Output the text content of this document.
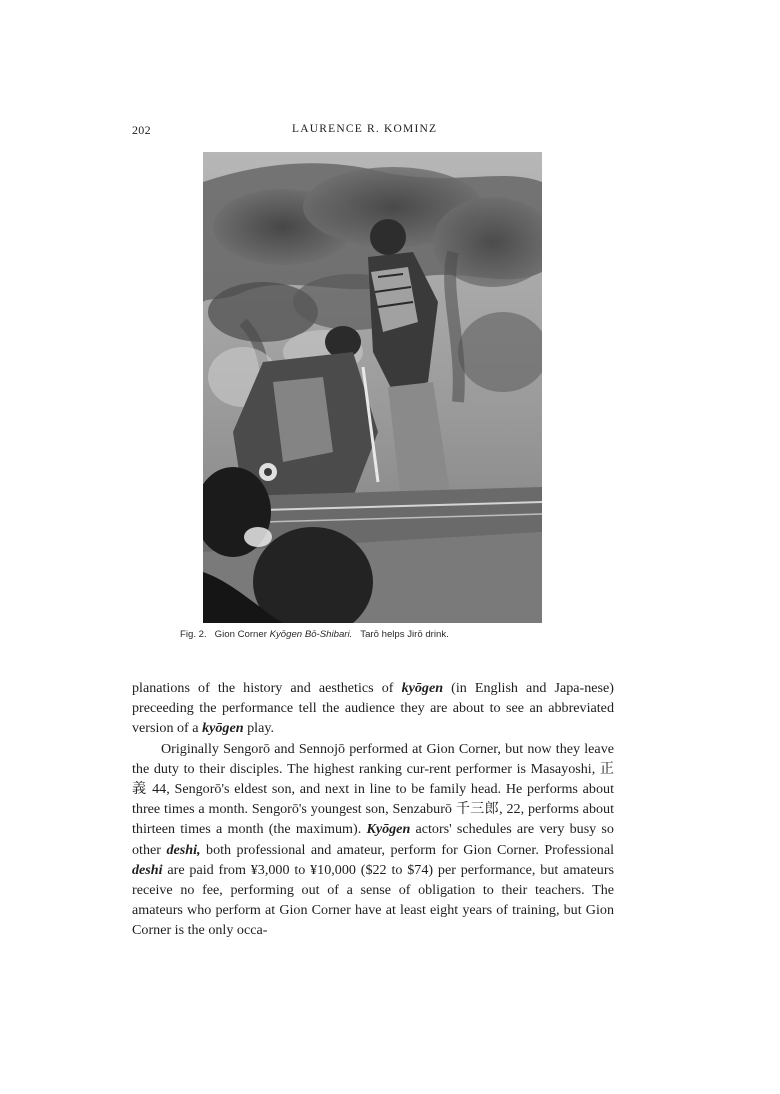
202	LAURENCE R. KOMINZ
Fig. 2. Gion Corner Kyōgen Bō-Shibari. Tarō helps Jirō drink.

planations of the history and aesthetics of kyōgen (in English and Japa-nese) preceeding the performance tell the audience they are about to see an abbreviated version of a kyōgen play.

Originally Sengorō and Sennojō performed at Gion Corner, but now they leave the duty to their disciples. The highest ranking cur-rent performer is Masayoshi, 正義 44, Sengorō's eldest son, and next in line to be family head. He performs about three times a month. Sengorō's youngest son, Senzaburō 千三郎, 22, performs about thirteen times a month (the maximum). Kyōgen actors' schedules are very busy so other deshi, both professional and amateur, perform for Gion Corner. Professional deshi are paid from ¥3,000 to ¥10,000 ($22 to $74) per performance, but amateurs receive no fee, performing out of a sense of obligation to their teachers. The amateurs who perform at Gion Corner have at least eight years of training, but Gion Corner is the only occa-
